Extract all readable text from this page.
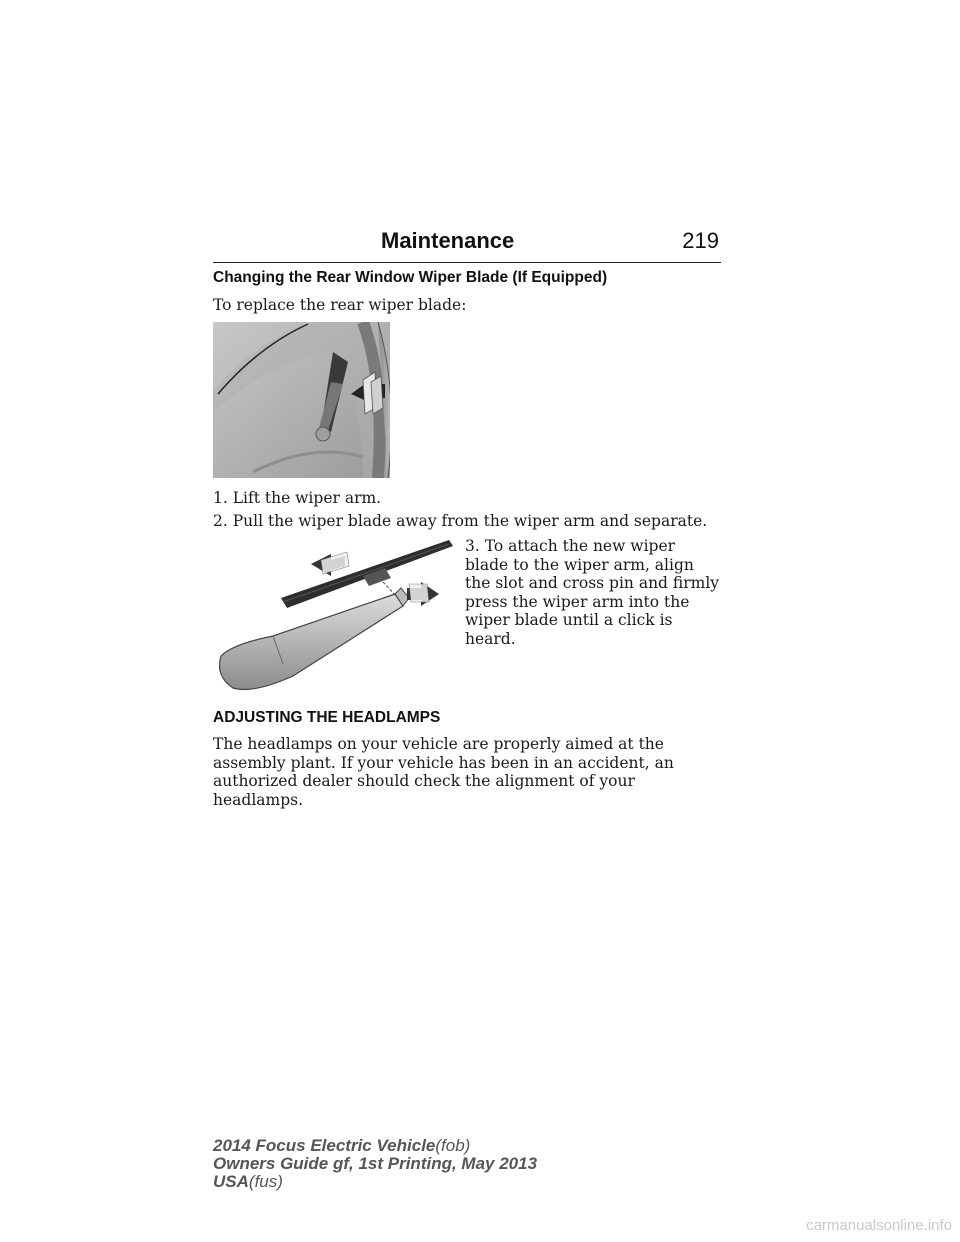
Maintenance	219
Changing the Rear Window Wiper Blade (If Equipped)
To replace the rear wiper blade:
1. Lift the wiper arm.
2. Pull the wiper blade away from the wiper arm and separate.
3. To attach the new wiper blade to the wiper arm, align the slot and cross pin and firmly press the wiper arm into the wiper blade until a click is heard.
ADJUSTING THE HEADLAMPS
The headlamps on your vehicle are properly aimed at the assembly plant. If your vehicle has been in an accident, an authorized dealer should check the alignment of your headlamps.
2014 Focus Electric Vehicle(fob)
Owners Guide gf, 1st Printing, May 2013
USA(fus)
carmanualsonline.info
